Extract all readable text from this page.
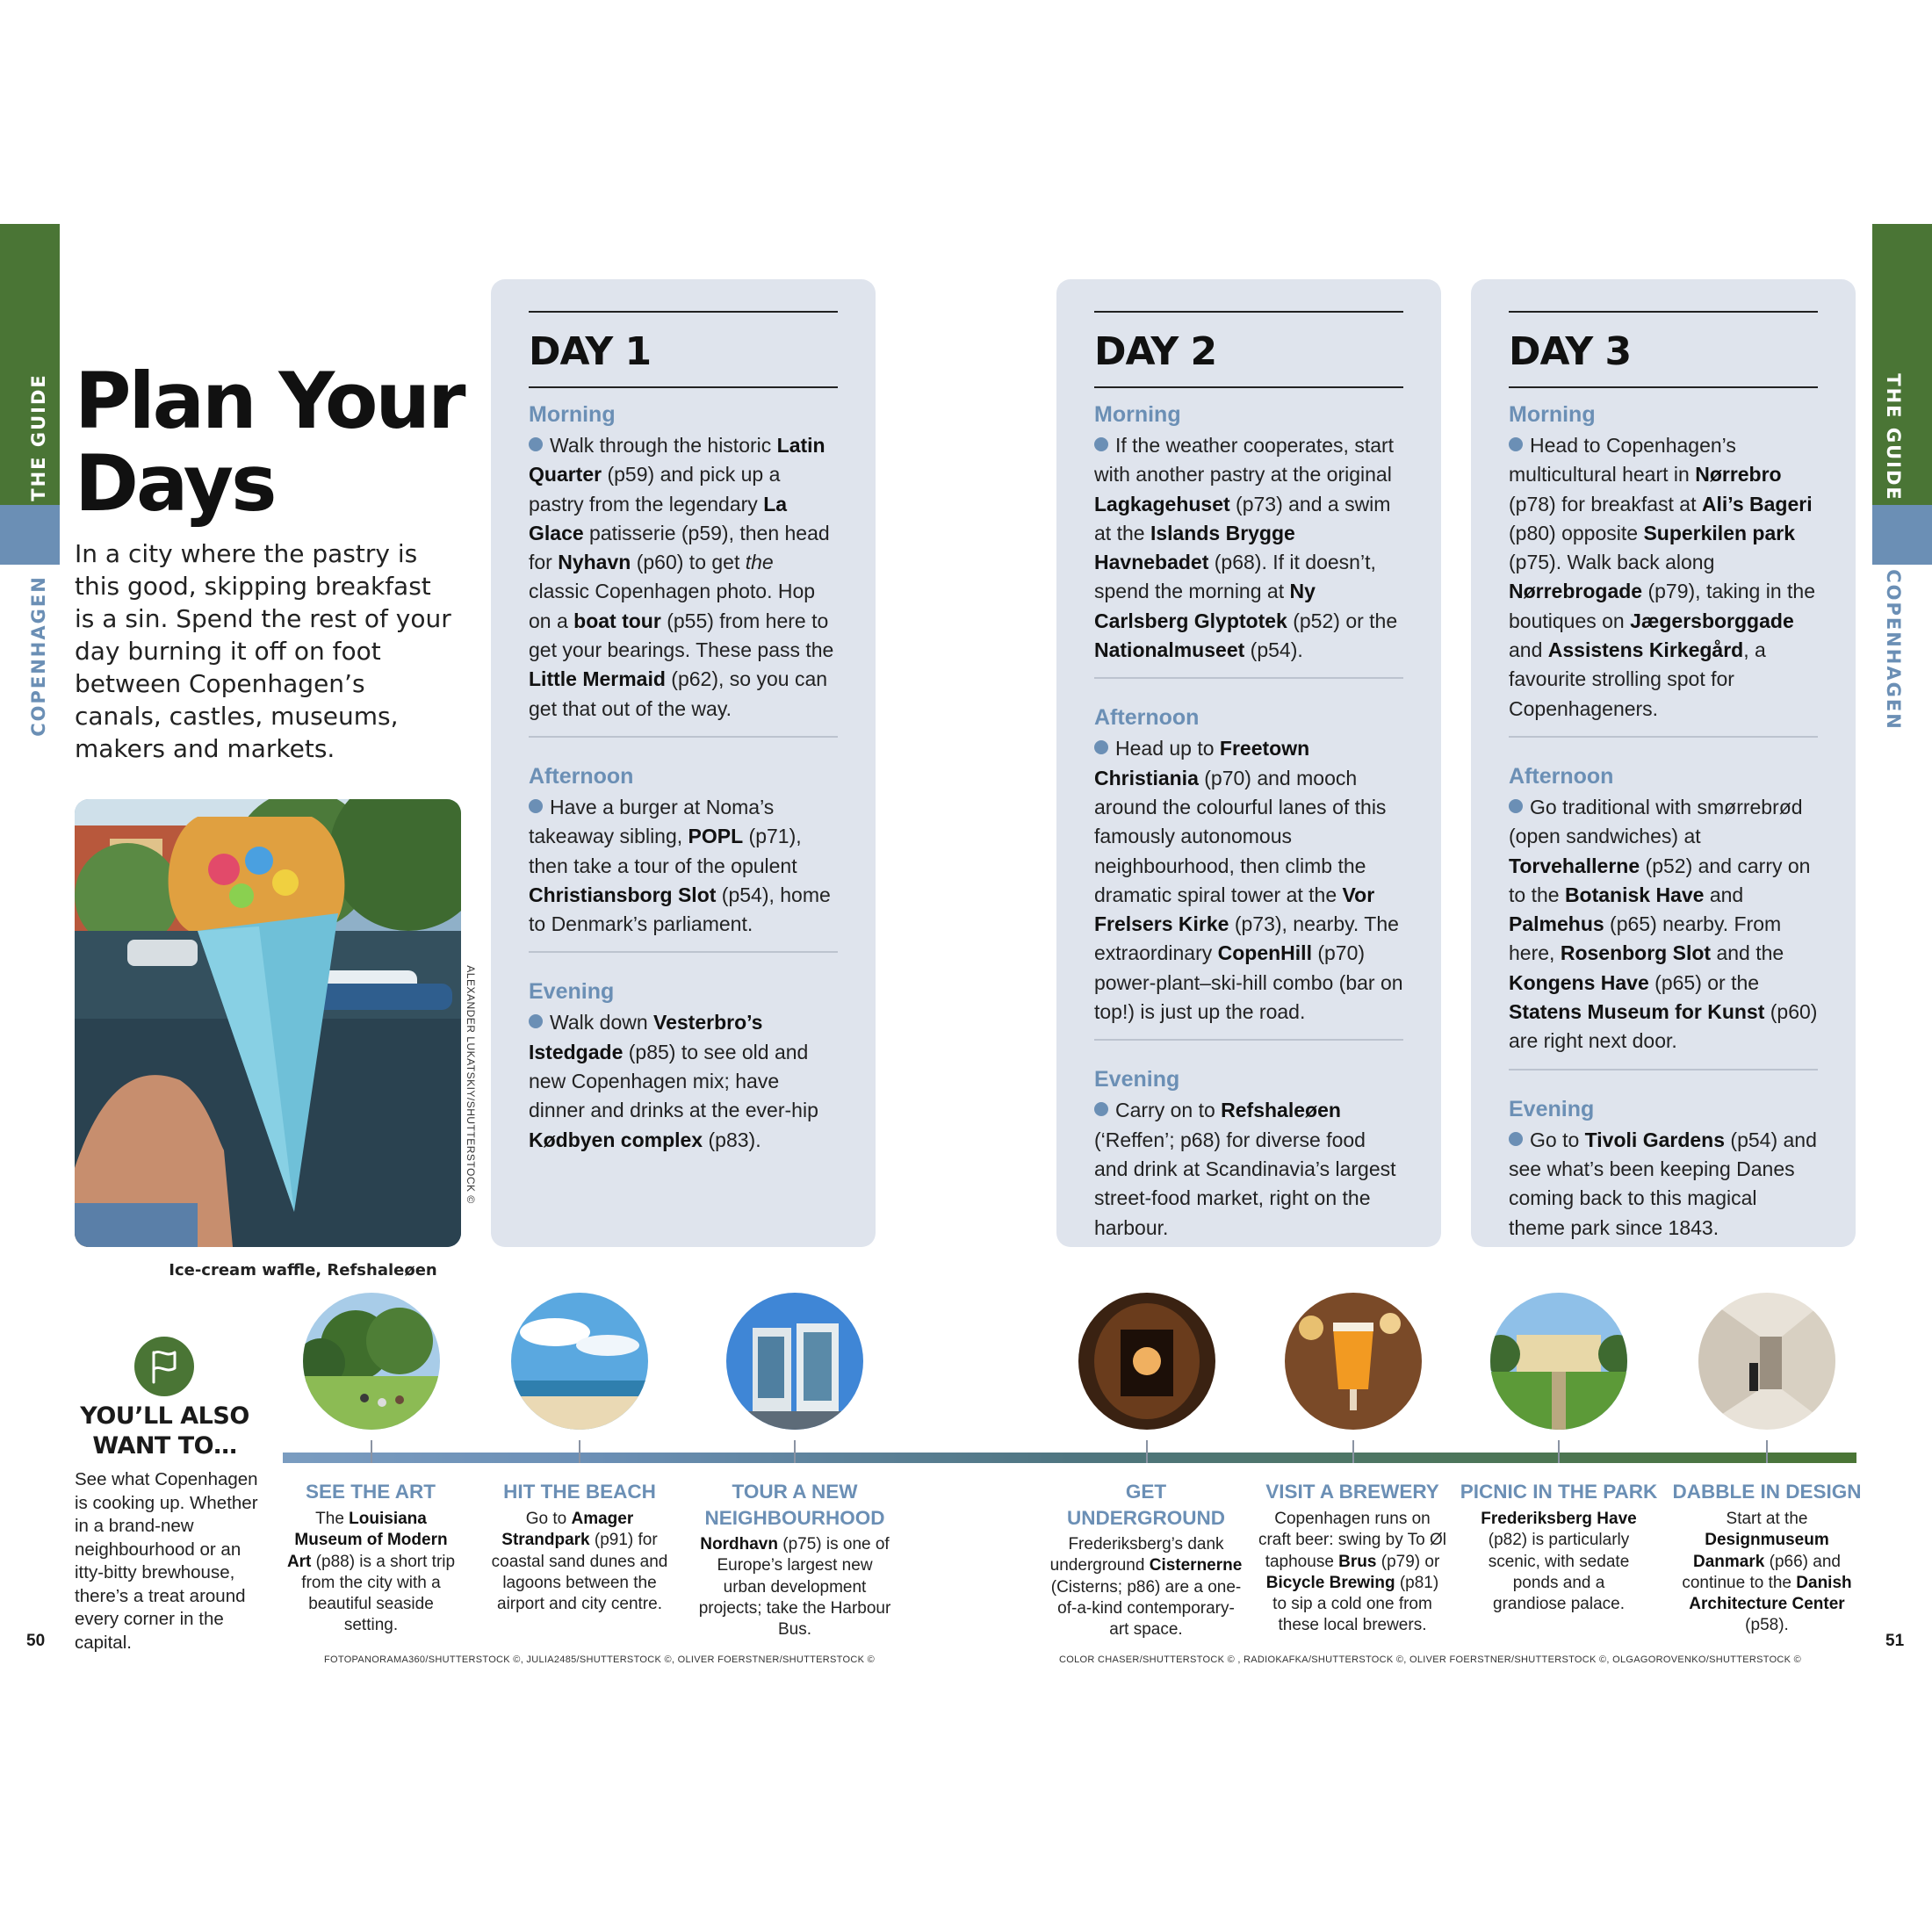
THE GUIDE
COPENHAGEN
THE GUIDE
COPENHAGEN
Plan Your
Days

In a city where the pastry is this good, skipping breakfast is a sin. Spend the rest of your day burning it off on foot between Copenhagen’s canals, castles, museums, makers and markets.

ALEXANDER LUKATSKIY/SHUTTERSTOCK ©
Ice-cream waffle, Refshaleøen
DAY 1
Morning

Walk through the historic Latin Quarter (p59) and pick up a pastry from the legendary La Glace patisserie (p59), then head for Nyhavn (p60) to get the classic Copenhagen photo. Hop on a boat tour (p55) from here to get your bearings. These pass the Little Mermaid (p62), so you can get that out of the way.

Afternoon

Have a burger at Noma’s takeaway sibling, POPL (p71), then take a tour of the opulent Christiansborg Slot (p54), home to Denmark’s parliament.

Evening

Walk down Vesterbro’s Istedgade (p85) to see old and new Copenhagen mix; have dinner and drinks at the ever-hip Kødbyen complex (p83).

DAY 2
Morning

If the weather cooperates, start with another pastry at the original Lagkagehuset (p73) and a swim at the Islands Brygge Havnebadet (p68). If it doesn’t, spend the morning at Ny Carlsberg Glyptotek (p52) or the Nationalmuseet (p54).

Afternoon

Head up to Freetown Christiania (p70) and mooch around the colourful lanes of this famously autonomous neighbourhood, then climb the dramatic spiral tower at the Vor Frelsers Kirke (p73), nearby. The extraordinary CopenHill (p70) power-plant–ski-hill combo (bar on top!) is just up the road.

Evening

Carry on to Refshaleøen (‘Reffen’; p68) for diverse food and drink at Scandinavia’s largest street-food market, right on the harbour.

DAY 3
Morning

Head to Copenhagen’s multicultural heart in Nørrebro (p78) for breakfast at Ali’s Bageri (p80) opposite Superkilen park (p75). Walk back along Nørrebrogade (p79), taking in the boutiques on Jægersborggade and Assistens Kirkegård, a favourite strolling spot for Copenhageners.

Afternoon

Go traditional with smørrebrød (open sandwiches) at Torvehallerne (p52) and carry on to the Botanisk Have and Palmehus (p65) nearby. From here, Rosenborg Slot and the Kongens Have (p65) or the Statens Museum for Kunst (p60) are right next door.

Evening

Go to Tivoli Gardens (p54) and see what’s been keeping Danes coming back to this magical theme park since 1843.

YOU’LL ALSO
WANT TO…

See what Copenhagen is cooking up. Whether in a brand-new neighbourhood or an itty-bitty brewhouse, there’s a treat around every corner in the capital.

SEE THE ART

The Louisiana Museum of Modern Art (p88) is a short trip from the city with a beautiful seaside setting.

HIT THE BEACH

Go to Amager Strandpark (p91) for coastal sand dunes and lagoons between the airport and city centre.

TOUR A NEW NEIGHBOURHOOD

Nordhavn (p75) is one of Europe’s largest new urban development projects; take the Harbour Bus.

GET
UNDERGROUND

Frederiksberg’s dank underground Cisternerne (Cisterns; p86) are a one-of-a-kind contemporary-art space.

VISIT A BREWERY

Copenhagen runs on craft beer: swing by To Øl taphouse Brus (p79) or Bicycle Brewing (p81) to sip a cold one from these local brewers.

PICNIC IN THE PARK

Frederiksberg Have (p82) is particularly scenic, with sedate ponds and a grandiose palace.

DABBLE IN DESIGN

Start at the Designmuseum Danmark (p66) and continue to the Danish Architecture Center (p58).

50	51
FOTOPANORAMA360/SHUTTERSTOCK ©, JULIA2485/SHUTTERSTOCK ©, OLIVER FOERSTNER/SHUTTERSTOCK ©	COLOR CHASER/SHUTTERSTOCK © , RADIOKAFKA/SHUTTERSTOCK ©, OLIVER FOERSTNER/SHUTTERSTOCK ©, OLGAGOROVENKO/SHUTTERSTOCK ©
